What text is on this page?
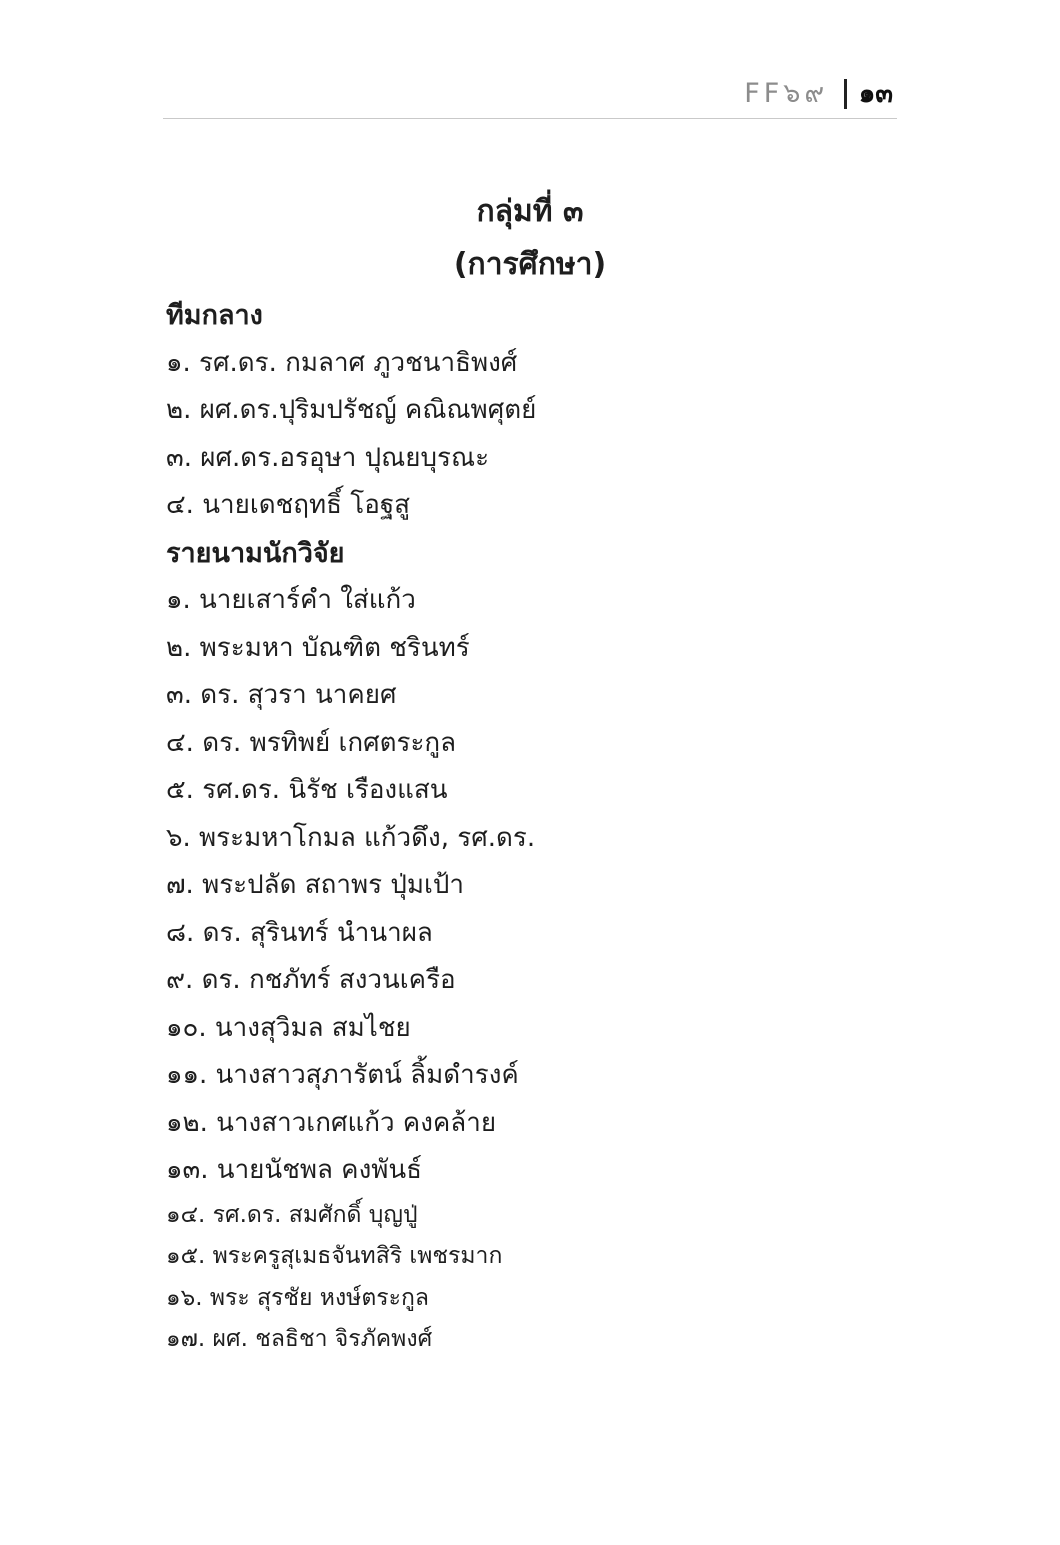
FF๖๙ ๑๓
กลุ่มที่ ๓
(การศึกษา)
ทีมกลาง
๑. รศ.ดร. กมลาศ ภูวชนาธิพงศ์
๒. ผศ.ดร.ปุริมปรัชญ์ คณิณพศุตย์
๓. ผศ.ดร.อรอุษา ปุณยบุรณะ
๔. นายเดชฤทธิ์ โอฐสู
รายนามนักวิจัย
๑. นายเสาร์คำ ใส่แก้ว
๒. พระมหา บัณฑิต ชรินทร์
๓. ดร. สุวรา นาคยศ
๔. ดร. พรทิพย์ เกศตระกูล
๕. รศ.ดร. นิรัช เรืองแสน
๖. พระมหาโกมล แก้วดึง, รศ.ดร.
๗. พระปลัด สถาพร ปุ่มเป้า
๘. ดร. สุรินทร์ นำนาผล
๙. ดร. กชภัทร์ สงวนเครือ
๑๐. นางสุวิมล สมไชย
๑๑. นางสาวสุภารัตน์ ลิ้มดำรงค์
๑๒. นางสาวเกศแก้ว คงคล้าย
๑๓. นายนัชพล คงพันธ์
๑๔. รศ.ดร. สมศักดิ์ บุญปู่
๑๕. พระครูสุเมธจันทสิริ เพชรมาก
๑๖. พระ สุรชัย หงษ์ตระกูล
๑๗. ผศ. ชลธิชา จิรภัคพงศ์
